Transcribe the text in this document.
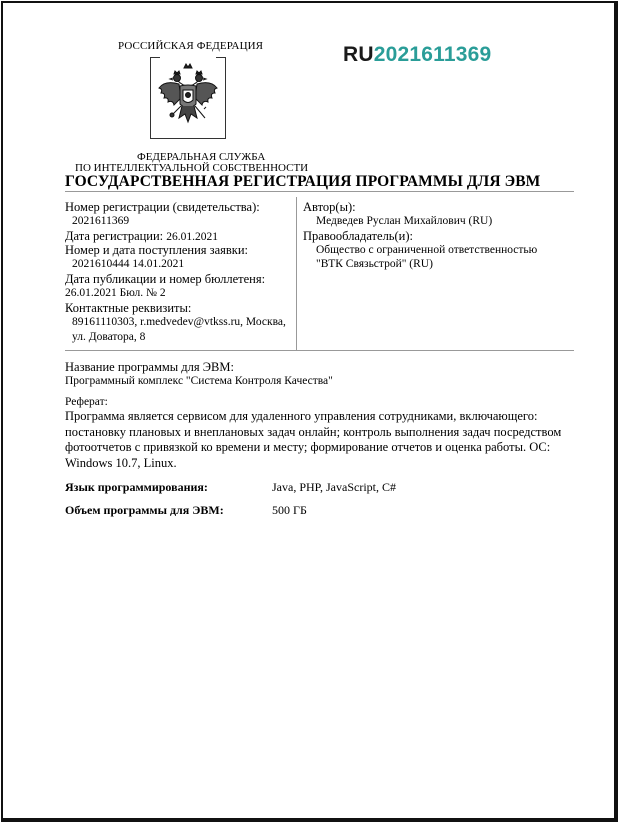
РОССИЙСКАЯ ФЕДЕРАЦИЯ
ФЕДЕРАЛЬНАЯ СЛУЖБА
ПО ИНТЕЛЛЕКТУАЛЬНОЙ СОБСТВЕННОСТИ
RU2021611369
ГОСУДАРСТВЕННАЯ РЕГИСТРАЦИЯ ПРОГРАММЫ ДЛЯ ЭВМ
Номер регистрации (свидетельства):
2021611369
Дата регистрации: 26.01.2021
Номер и дата поступления заявки:
2021610444 14.01.2021
Дата публикации и номер бюллетеня:
26.01.2021 Бюл. № 2
Контактные реквизиты:
89161110303, r.medvedev@vtkss.ru, Москва,
ул. Доватора, 8
Автор(ы):
Медведев Руслан Михайлович (RU)
Правообладатель(и):
Общество с ограниченной ответственностью
"ВТК Связьстрой" (RU)
Название программы для ЭВМ:
Программный комплекс "Система Контроля Качества"
Реферат:
Программа является сервисом для удаленного управления сотрудниками, включающего:
постановку плановых и внеплановых задач онлайн; контроль выполнения задач посредством
фотоотчетов с привязкой ко времени и месту; формирование отчетов и оценка работы. ОС:
Windows 10.7, Linux.
Язык программирования:	Java, PHP, JavaScript, C#
Объем программы для ЭВМ:	500 ГБ
